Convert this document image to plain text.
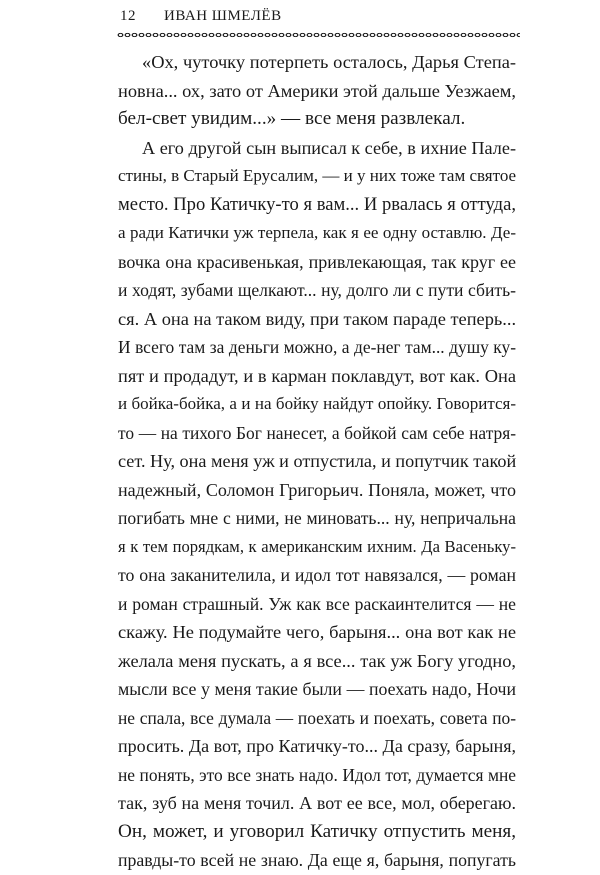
12 ИВАН ШМЕЛЁВ
«Ох, чуточку потерпеть осталось, Дарья Степа-
новна... ох, зато от Америки этой дальше Уезжаем,
бел-свет увидим...» — все меня развлекал.
А его другой сын выписал к себе, в ихние Пале-
стины, в Старый Ерусалим, — и у них тоже там святое
место. Про Катичку-то я вам... И рвалась я оттуда,
а ради Катички уж терпела, как я ее одну оставлю. Де-
вочка она красивенькая, привлекающая, так круг ее
и ходят, зубами щелкают... ну, долго ли с пути сбить-
ся. А она на таком виду, при таком параде теперь...
И всего там за деньги можно, а де-нег там... душу ку-
пят и продадут, и в карман поклавдут, вот как. Она
и бойка-бойка, а и на бойку найдут опойку. Говорится-
то — на тихого Бог нанесет, а бойкой сам себе натря-
сет. Ну, она меня уж и отпустила, и попутчик такой
надежный, Соломон Григорьич. Поняла, может, что
погибать мне с ними, не миновать... ну, непричальна
я к тем порядкам, к американским ихним. Да Васеньку-
то она заканителила, и идол тот навязался, — роман
и роман страшный. Уж как все раскаинтелится — не
скажу. Не подумайте чего, барыня... она вот как не
желала меня пускать, а я все... так уж Богу угодно,
мысли все у меня такие были — поехать надо, Ночи
не спала, все думала — поехать и поехать, совета по-
просить. Да вот, про Катичку-то... Да сразу, барыня,
не понять, это все знать надо. Идол тот, думается мне
так, зуб на меня точил. А вот ее все, мол, оберегаю.
Он, может, и уговорил Катичку отпустить меня,
правды-то всей не знаю. Да еще я, барыня, попугать
